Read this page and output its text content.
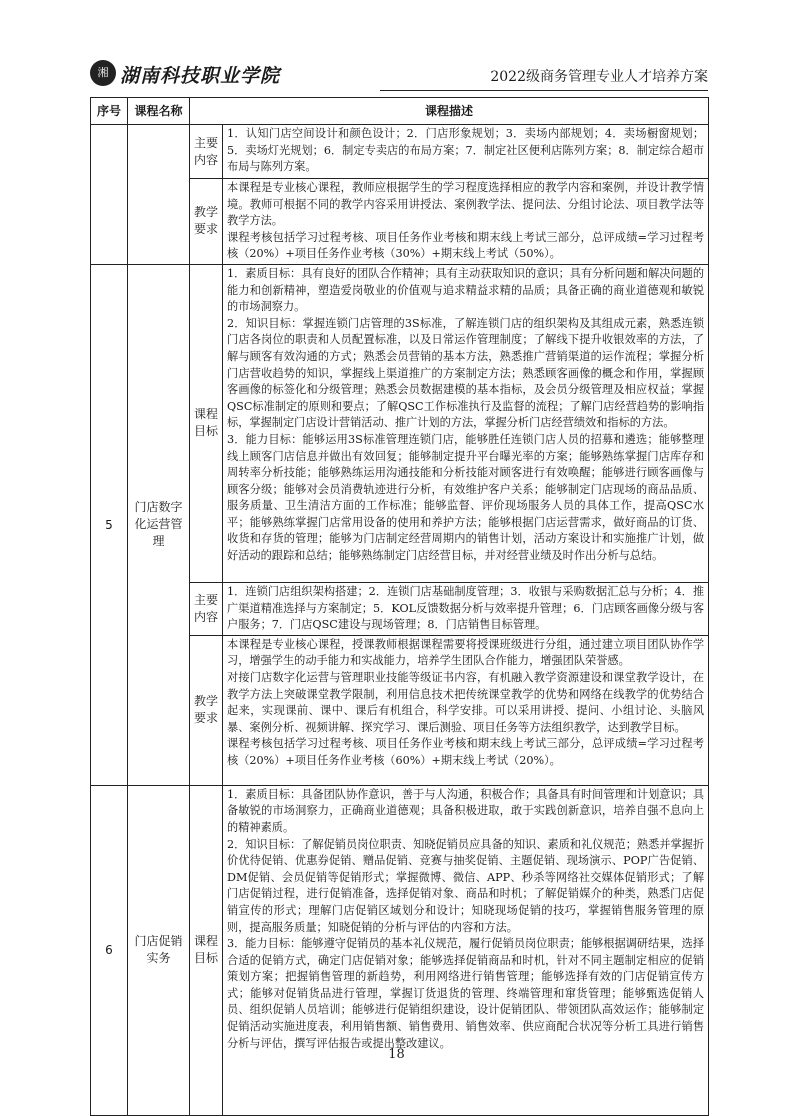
湘 湖南科技职业学院	2022级商务管理专业人才培养方案
序号	课程名称	课程描述	
		主要内容	1．认知门店空间设计和颜色设计；2．门店形象规划；3．卖场内部规划；4．卖场橱窗规划；5．卖场灯光规划；6．制定专卖店的布局方案；7．制定社区便利店陈列方案；8．制定综合超市布局与陈列方案。

		教学要求	本课程是专业核心课程，教师应根据学生的学习程度选择相应的教学内容和案例，并设计教学情境。教师可根据不同的教学内容采用讲授法、案例教学法、提问法、分组讨论法、项目教学法等教学方法。

课程考核包括学习过程考核、项目任务作业考核和期末线上考试三部分，总评成绩=学习过程考核（20%）+项目任务作业考核（30%）+期末线上考试（50%）。

5	门店数字化运营管理	课程目标	1．素质目标：具有良好的团队合作精神；具有主动获取知识的意识；具有分析问题和解决问题的能力和创新精神，塑造爱岗敬业的价值观与追求精益求精的品质；具备正确的商业道德观和敏锐的市场洞察力。

2．知识目标：掌握连锁门店管理的3S标准，了解连锁门店的组织架构及其组成元素，熟悉连锁门店各岗位的职责和人员配置标准，以及日常运作管理制度；了解线下提升收银效率的方法，了解与顾客有效沟通的方式；熟悉会员营销的基本方法，熟悉推广营销渠道的运作流程；掌握分析门店营收趋势的知识，掌握线上渠道推广的方案制定方法；熟悉顾客画像的概念和作用，掌握顾客画像的标签化和分级管理；熟悉会员数据建模的基本指标，及会员分级管理及相应权益；掌握QSC标准制定的原则和要点；了解QSC工作标准执行及监督的流程；了解门店经营趋势的影响指标，掌握制定门店设计营销活动、推广计划的方法，掌握分析门店经营绩效和指标的方法。

3．能力目标：能够运用3S标准管理连锁门店，能够胜任连锁门店人员的招募和遴选；能够整理线上顾客门店信息并做出有效回复；能够制定提升平台曝光率的方案；能够熟练掌握门店库存和周转率分析技能；能够熟练运用沟通技能和分析技能对顾客进行有效唤醒；能够进行顾客画像与顾客分级；能够对会员消费轨迹进行分析，有效维护客户关系；能够制定门店现场的商品品质、服务质量、卫生清洁方面的工作标准；能够监督、评价现场服务人员的具体工作，提高QSC水平；能够熟练掌握门店常用设备的使用和养护方法；能够根据门店运营需求，做好商品的订货、收货和存货的管理；能够为门店制定经营周期内的销售计划，活动方案设计和实施推广计划，做好活动的跟踪和总结；能够熟练制定门店经营目标，并对经营业绩及时作出分析与总结。

		主要内容	1．连锁门店组织架构搭建；2．连锁门店基础制度管理；3．收银与采购数据汇总与分析；4．推广渠道精准选择与方案制定；5．KOL反馈数据分析与效率提升管理；6．门店顾客画像分级与客户服务；7．门店QSC建设与现场管理；8．门店销售目标管理。

		教学要求	本课程是专业核心课程，授课教师根据课程需要将授课班级进行分组，通过建立项目团队协作学习，增强学生的动手能力和实战能力，培养学生团队合作能力，增强团队荣誉感。

对接门店数字化运营与管理职业技能等级证书内容，有机融入教学资源建设和课堂教学设计，在教学方法上突破课堂教学限制，利用信息技术把传统课堂教学的优势和网络在线教学的优势结合起来，实现课前、课中、课后有机组合，科学安排。可以采用讲授、提问、小组讨论、头脑风暴、案例分析、视频讲解、探究学习、课后测验、项目任务等方法组织教学，达到教学目标。

课程考核包括学习过程考核、项目任务作业考核和期末线上考试三部分，总评成绩=学习过程考核（20%）+项目任务作业考核（60%）+期末线上考试（20%）。

6	门店促销实务	课程目标	1．素质目标：具备团队协作意识，善于与人沟通，积极合作；具备具有时间管理和计划意识；具备敏锐的市场洞察力，正确商业道德观；具备积极进取，敢于实践创新意识，培养自强不息向上的精神素质。

2．知识目标：了解促销员岗位职责、知晓促销员应具备的知识、素质和礼仪规范；熟悉并掌握折价优待促销、优惠券促销、赠品促销、竞赛与抽奖促销、主题促销、现场演示、POP广告促销、DM促销、会员促销等促销形式；掌握微博、微信、APP、秒杀等网络社交媒体促销形式；了解门店促销过程，进行促销准备，选择促销对象、商品和时机；了解促销媒介的种类，熟悉门店促销宣传的形式；理解门店促销区域划分和设计；知晓现场促销的技巧，掌握销售服务管理的原则，提高服务质量；知晓促销的分析与评估的内容和方法。

3．能力目标：能够遵守促销员的基本礼仪规范，履行促销员岗位职责；能够根据调研结果，选择合适的促销方式，确定门店促销对象；能够选择促销商品和时机，针对不同主题制定相应的促销策划方案；把握销售管理的新趋势，利用网络进行销售管理；能够选择有效的门店促销宣传方式；能够对促销货品进行管理，掌握订货退货的管理、终端管理和窜货管理；能够甄选促销人员、组织促销人员培训；能够进行促销组织建设，设计促销团队、带领团队高效运作；能够制定促销活动实施进度表，利用销售额、销售费用、销售效率、供应商配合状况等分析工具进行销售分析与评估，撰写评估报告或提出整改建议。

18
